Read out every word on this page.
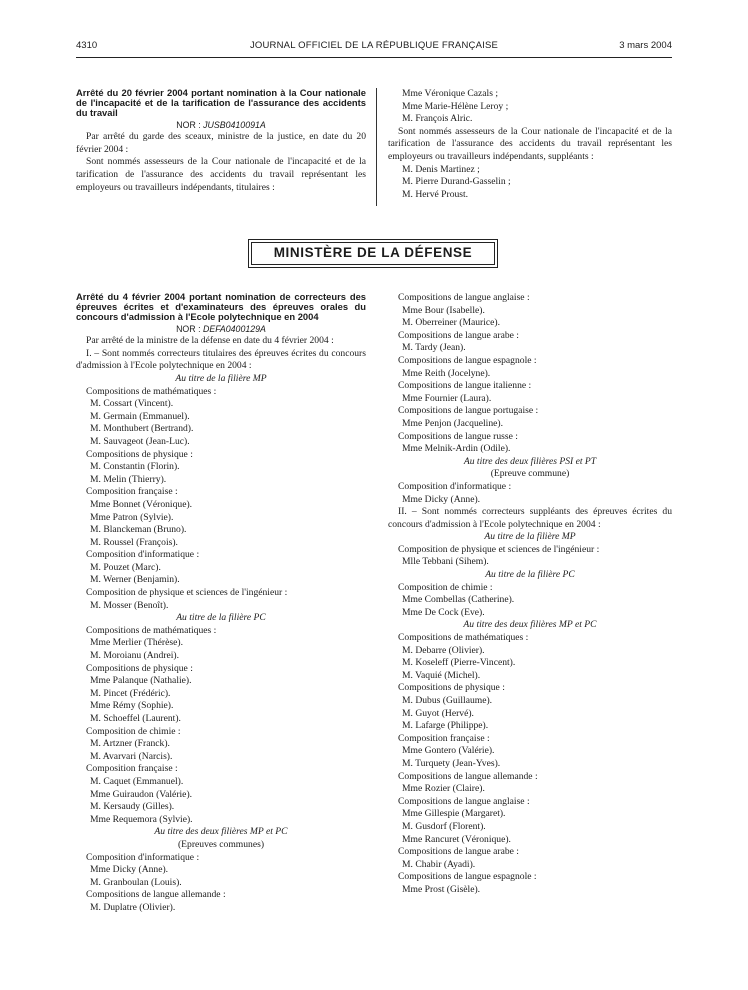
4310	JOURNAL OFFICIEL DE LA RÉPUBLIQUE FRANÇAISE	3 mars 2004

Arrêté du 20 février 2004 portant nomination à la Cour nationale de l'incapacité et de la tarification de l'assurance des accidents du travail

NOR : JUSB0410091A

Par arrêté du garde des sceaux, ministre de la justice, en date du 20 février 2004 :

Sont nommés assesseurs de la Cour nationale de l'incapacité et de la tarification de l'assurance des accidents du travail représentant les employeurs ou travailleurs indépendants, titulaires :

Mme Véronique Cazals ;
Mme Marie-Hélène Leroy ;
M. François Alric.

Sont nommés assesseurs de la Cour nationale de l'incapacité et de la tarification de l'assurance des accidents du travail représentant les employeurs ou travailleurs indépendants, suppléants :

M. Denis Martinez ;
M. Pierre Durand-Gasselin ;
M. Hervé Proust.
MINISTÈRE DE LA DÉFENSE

Arrêté du 4 février 2004 portant nomination de correcteurs des épreuves écrites et d'examinateurs des épreuves orales du concours d'admission à l'Ecole polytechnique en 2004

NOR : DEFA0400129A

Par arrêté de la ministre de la défense en date du 4 février 2004 :

I. – Sont nommés correcteurs titulaires des épreuves écrites du concours d'admission à l'Ecole polytechnique en 2004 :

Au titre de la filière MP

Compositions de mathématiques :
M. Cossart (Vincent).
M. Germain (Emmanuel).
M. Monthubert (Bertrand).
M. Sauvageot (Jean-Luc).
Compositions de physique :
M. Constantin (Florin).
M. Melin (Thierry).
Composition française :
Mme Bonnet (Véronique).
Mme Patron (Sylvie).
M. Blanckeman (Bruno).
M. Roussel (François).
Composition d'informatique :
M. Pouzet (Marc).
M. Werner (Benjamin).
Composition de physique et sciences de l'ingénieur :
M. Mosser (Benoît).

Au titre de la filière PC

Compositions de mathématiques :
Mme Merlier (Thérèse).
M. Moroianu (Andrei).
Compositions de physique :
Mme Palanque (Nathalie).
M. Pincet (Frédéric).
Mme Rémy (Sophie).
M. Schoeffel (Laurent).
Composition de chimie :
M. Artzner (Franck).
M. Avarvari (Narcis).
Composition française :
M. Caquet (Emmanuel).
Mme Guiraudon (Valérie).
M. Kersaudy (Gilles).
Mme Requemora (Sylvie).

Au titre des deux filières MP et PC

(Epreuves communes)

Composition d'informatique :
Mme Dicky (Anne).
M. Granboulan (Louis).
Compositions de langue allemande :
M. Duplatre (Olivier).
Compositions de langue anglaise :
Mme Bour (Isabelle).
M. Oberreiner (Maurice).
Compositions de langue arabe :
M. Tardy (Jean).
Compositions de langue espagnole :
Mme Reith (Jocelyne).
Compositions de langue italienne :
Mme Fournier (Laura).
Compositions de langue portugaise :
Mme Penjon (Jacqueline).
Compositions de langue russe :
Mme Melnik-Ardin (Odile).

Au titre des deux filières PSI et PT

(Epreuve commune)

Composition d'informatique :
Mme Dicky (Anne).

II. – Sont nommés correcteurs suppléants des épreuves écrites du concours d'admission à l'Ecole polytechnique en 2004 :

Au titre de la filière MP

Composition de physique et sciences de l'ingénieur :
Mlle Tebbani (Sihem).

Au titre de la filière PC

Composition de chimie :
Mme Combellas (Catherine).
Mme De Cock (Eve).

Au titre des deux filières MP et PC

Compositions de mathématiques :
M. Debarre (Olivier).
M. Koseleff (Pierre-Vincent).
M. Vaquié (Michel).
Compositions de physique :
M. Dubus (Guillaume).
M. Guyot (Hervé).
M. Lafarge (Philippe).
Composition française :
Mme Gontero (Valérie).
M. Turquety (Jean-Yves).
Compositions de langue allemande :
Mme Rozier (Claire).
Compositions de langue anglaise :
Mme Gillespie (Margaret).
M. Gusdorf (Florent).
Mme Rancuret (Véronique).
Compositions de langue arabe :
M. Chabir (Ayadi).
Compositions de langue espagnole :
Mme Prost (Gisèle).
